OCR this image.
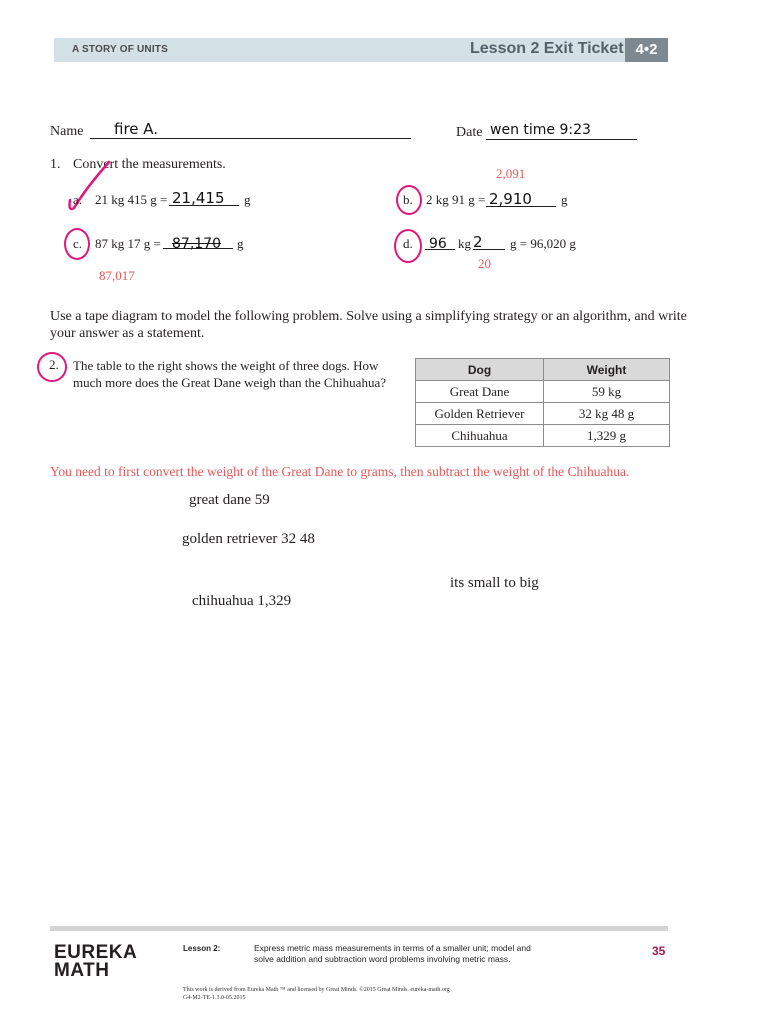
A STORY OF UNITS	Lesson 2 Exit Ticket 4•2
Name fire A.	Date wen time 9:23
1. Convert the measurements.
a. 21 kg 415 g = 21,415 g
2,091
b. 2 kg 91 g = 2,910 g
c. 87 kg 17 g = 87,170 g
87,017
d. 96 kg 2 g = 96,020 g
20
Use a tape diagram to model the following problem. Solve using a simplifying strategy or an algorithm, and write your answer as a statement.
2. The table to the right shows the weight of three dogs. How much more does the Great Dane weigh than the Chihuahua?
Dog	Weight
Great Dane	59 kg
Golden Retriever	32 kg 48 g
Chihuahua	1,329 g
You need to first convert the weight of the Great Dane to grams, then subtract the weight of the Chihuahua.
great dane 59
golden retriever 32 48
its small to big
chihuahua 1,329
EUREKA
MATH
Lesson 2:	Express metric mass measurements in terms of a smaller unit; model and solve addition and subtraction word problems involving metric mass.
35
This work is derived from Eureka Math ™ and licensed by Great Minds. ©2015 Great Minds. eureka-math.org
G4-M2-TE-1.3.0-05.2015
